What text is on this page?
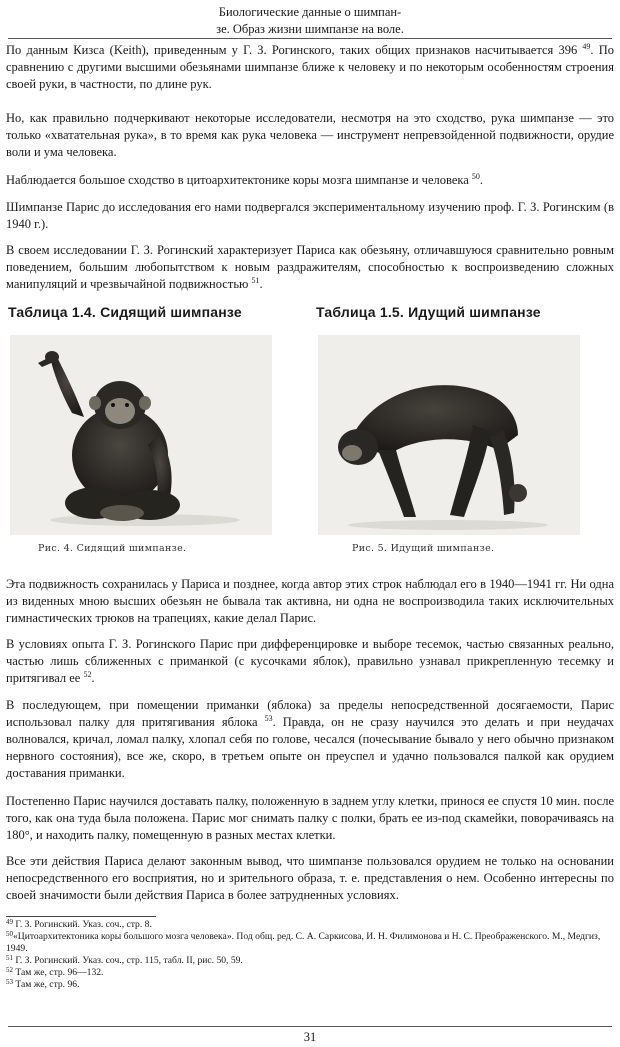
Биологические данные о шимпан-
зе. Образ жизни шимпанзе на воле.

По данным Кизса (Keith), приведенным у Г. З. Рогинского, таких общих признаков насчитывается 396 $^{49}$. По сравнению с другими высшими обезьянами шимпанзе ближе к человеку и по некоторым особенностям строения своей руки, в частности, по длине рук.

Но, как правильно подчеркивают некоторые исследователи, несмотря на это сходство, рука шимпанзе — это только «хватательная рука», в то время как рука человека — инструмент непревзойденной подвижности, орудие воли и ума человека.

Наблюдается большое сходство в цитоархитектонике коры мозга шимпанзе и человека $^{50}$.

Шимпанзе Парис до исследования его нами подвергался экспериментальному изучению проф. Г. З. Рогинским (в 1940 г.).

В своем исследовании Г. З. Рогинский характеризует Париса как обезьяну, отличавшуюся сравнительно ровным поведением, большим любопытством к новым раздражителям, способностью к воспроизведению сложных манипуляций и чрезвычайной подвижностью $^{51}$.

Таблица 1.4. Сидящий шимпанзе	Таблица 1.5. Идущий шимпанзе
Рис. 4. Сидящий шимпанзе.	Рис. 5. Идущий шимпанзе.

Эта подвижность сохранилась у Париса и позднее, когда автор этих строк наблюдал его в 1940—1941 гг. Ни одна из виденных мною высших обезьян не бывала так активна, ни одна не воспроизводила таких исключительных гимнастических трюков на трапециях, какие делал Парис.

В условиях опыта Г. З. Рогинского Парис при дифференцировке и выборе тесемок, частью связанных реально, частью лишь сближенных с приманкой (с кусочками яблок), правильно узнавал прикрепленную тесемку и притягивал ее $^{52}$.

В последующем, при помещении приманки (яблока) за пределы непосредственной досягаемости, Парис использовал палку для притягивания яблока $^{53}$. Правда, он не сразу научился это делать и при неудачах волновался, кричал, ломал палку, хлопал себя по голове, чесался (почесывание бывало у него обычно признаком нервного состояния), все же, скоро, в третьем опыте он преуспел и удачно пользовался палкой как орудием доставания приманки.

Постепенно Парис научился доставать палку, положенную в заднем углу клетки, принося ее спустя 10 мин. после того, как она туда была положена. Парис мог снимать палку с полки, брать ее из-под скамейки, поворачиваясь на 180°, и находить палку, помещенную в разных местах клетки.

Все эти действия Париса делают законным вывод, что шимпанзе пользовался орудием не только на основании непосредственного его восприятия, но и зрительного образа, т. е. представления о нем. Особенно интересны по своей значимости были действия Париса в более затрудненных условиях.

$^{49}$ Г. З. Рогинский. Указ. соч., стр. 8.
$^{50}$«Цитоархитектоника коры большого мозга человека». Под общ. ред. С. А. Саркисова, И. Н. Филимонова и Н. С. Преображенского. М., Медгиз, 1949.
$^{51}$ Г. З. Рогинский. Указ. соч., стр. 115, табл. II, рис. 50, 59.
$^{52}$ Там же, стр. 96—132.
$^{53}$ Там же, стр. 96.
31
